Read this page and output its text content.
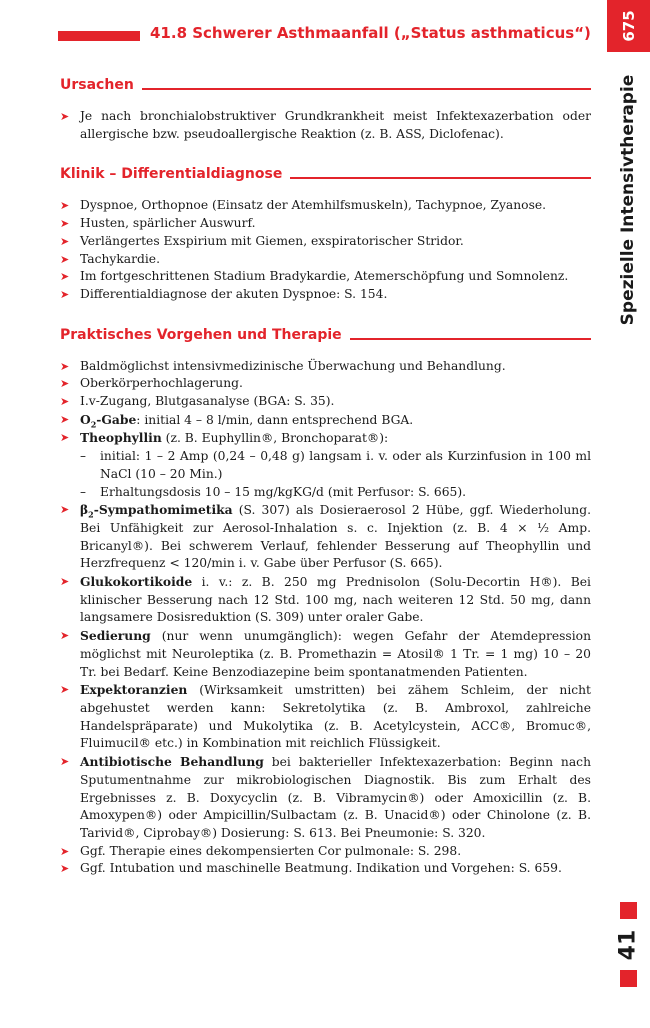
41.8 Schwerer Asthmaanfall („Status asthmaticus“) 675
Spezielle Intensivtherapie
41
Ursachen
➤ Je nach bronchialobstruktiver Grundkrankheit meist Infektexazerbation oder allergische bzw. pseudoallergische Reaktion (z. B. ASS, Diclofenac).
Klinik – Differentialdiagnose
➤ Dyspnoe, Orthopnoe (Einsatz der Atemhilfsmuskeln), Tachypnoe, Zyanose.
➤ Husten, spärlicher Auswurf.
➤ Verlängertes Exspirium mit Giemen, exspiratorischer Stridor.
➤ Tachykardie.
➤ Im fortgeschrittenen Stadium Bradykardie, Atemerschöpfung und Somnolenz.
➤ Differentialdiagnose der akuten Dyspnoe: S. 154.
Praktisches Vorgehen und Therapie
➤ Baldmöglichst intensivmedizinische Überwachung und Behandlung.
➤ Oberkörperhochlagerung.
➤ I.v-Zugang, Blutgasanalyse (BGA: S. 35).
➤ $O_2$-Gabe: initial 4 – 8 l/min, dann entsprechend BGA.
➤ Theophyllin (z. B. Euphyllin®, Bronchoparat®):
– initial: 1 – 2 Amp (0,24 – 0,48 g) langsam i. v. oder als Kurzinfusion in 100 ml NaCl (10 – 20 Min.)
– Erhaltungsdosis 10 – 15 mg/kgKG/d (mit Perfusor: S. 665).
➤ $\beta_2$-Sympathomimetika (S. 307) als Dosieraerosol 2 Hübe, ggf. Wiederholung. Bei Unfähigkeit zur Aerosol-Inhalation s. c. Injektion (z. B. 4 × ½ Amp. Bricanyl®). Bei schwerem Verlauf, fehlender Besserung auf Theophyllin und Herzfrequenz < 120/min i. v. Gabe über Perfusor (S. 665).
➤ Glukokortikoide i. v.: z. B. 250 mg Prednisolon (Solu-Decortin H®). Bei klinischer Besserung nach 12 Std. 100 mg, nach weiteren 12 Std. 50 mg, dann langsamere Dosisreduktion (S. 309) unter oraler Gabe.
➤ Sedierung (nur wenn unumgänglich): wegen Gefahr der Atemdepression möglichst mit Neuroleptika (z. B. Promethazin = Atosil® 1 Tr. = 1 mg) 10 – 20 Tr. bei Bedarf. Keine Benzodiazepine beim spontanatmenden Patienten.
➤ Expektoranzien (Wirksamkeit umstritten) bei zähem Schleim, der nicht abgehustet werden kann: Sekretolytika (z. B. Ambroxol, zahlreiche Handelspräparate) und Mukolytika (z. B. Acetylcystein, ACC®, Bromuc®, Fluimucil® etc.) in Kombination mit reichlich Flüssigkeit.
➤ Antibiotische Behandlung bei bakterieller Infektexazerbation: Beginn nach Sputumentnahme zur mikrobiologischen Diagnostik. Bis zum Erhalt des Ergebnisses z. B. Doxycyclin (z. B. Vibramycin®) oder Amoxicillin (z. B. Amoxypen®) oder Ampicillin/Sulbactam (z. B. Unacid®) oder Chinolone (z. B. Tarivid®, Ciprobay®) Dosierung: S. 613. Bei Pneumonie: S. 320.
➤ Ggf. Therapie eines dekompensierten Cor pulmonale: S. 298.
➤ Ggf. Intubation und maschinelle Beatmung. Indikation und Vorgehen: S. 659.
